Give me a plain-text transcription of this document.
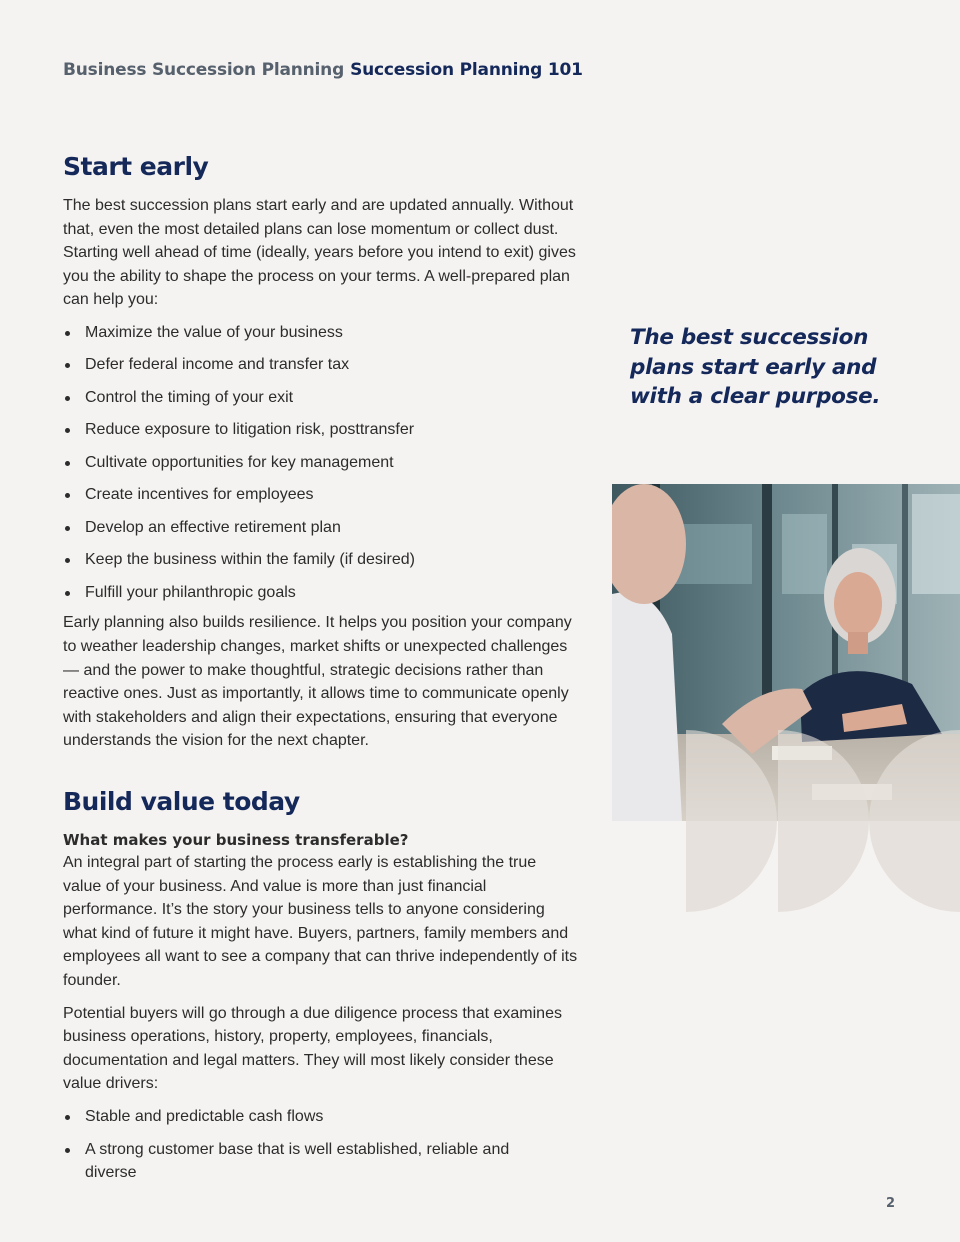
Business Succession Planning Succession Planning 101
Start early

The best succession plans start early and are updated annually. Without that, even the most detailed plans can lose momentum or collect dust. Starting well ahead of time (ideally, years before you intend to exit) gives you the ability to shape the process on your terms. A well-prepared plan can help you:

Maximize the value of your business
Defer federal income and transfer tax
Control the timing of your exit
Reduce exposure to litigation risk, posttransfer
Cultivate opportunities for key management
Create incentives for employees
Develop an effective retirement plan
Keep the business within the family (if desired)
Fulfill your philanthropic goals

Early planning also builds resilience. It helps you position your company to weather leadership changes, market shifts or unexpected challenges — and the power to make thoughtful, strategic decisions rather than reactive ones. Just as importantly, it allows time to communicate openly with stakeholders and align their expectations, ensuring that everyone understands the vision for the next chapter.

Build value today
What makes your business transferable?

An integral part of starting the process early is establishing the true value of your business. And value is more than just financial performance. It’s the story your business tells to anyone considering what kind of future it might have. Buyers, partners, family members and employees all want to see a company that can thrive independently of its founder.

Potential buyers will go through a due diligence process that examines business operations, history, property, employees, financials, documentation and legal matters. They will most likely consider these value drivers:

Stable and predictable cash flows
A strong customer base that is well established, reliable and diverse
The best succession plans start early and with a clear purpose.
2
